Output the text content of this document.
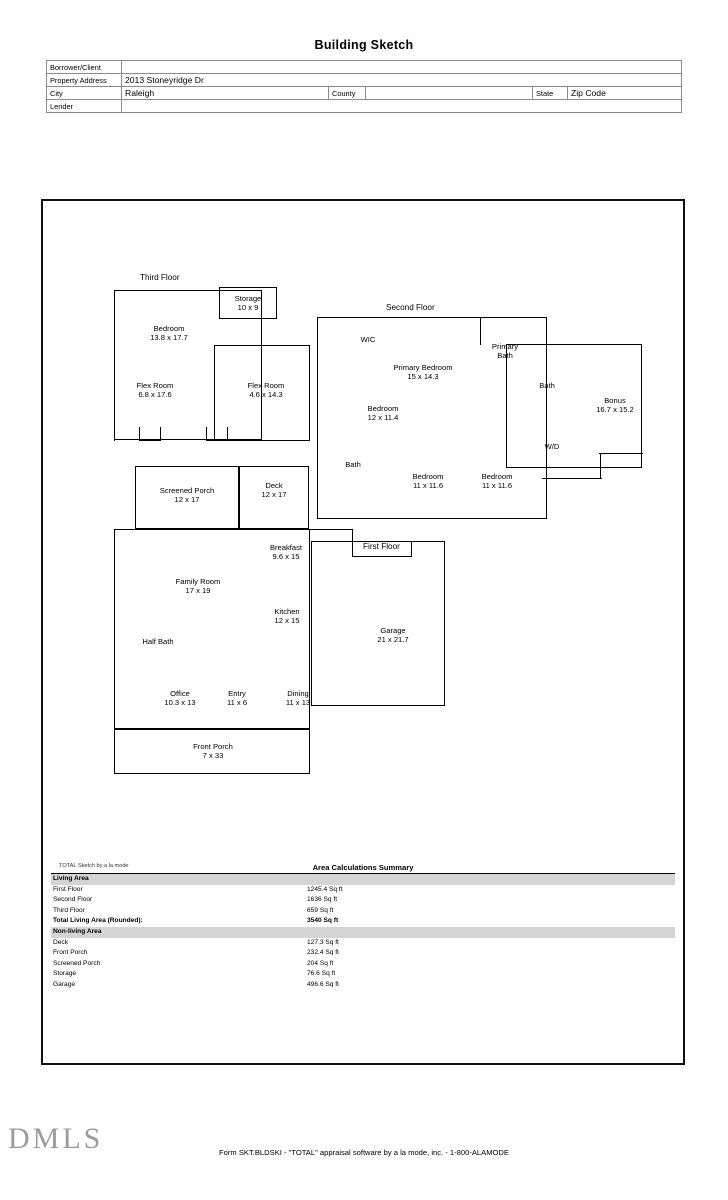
Building Sketch
Borrower/Client					
Property Address	2013 Stoneyridge Dr				
City	Raleigh	County		State	Zip Code
Lender					
Third Floor
Bedroom
13.8 x 17.7
Storage
10 x 9
Flex Room
6.8 x 17.6
Flex Room
4.6 x 14.3
Second Floor
WIC
Primary
Bath
Primary Bedroom
15 x 14.3
Bath
Bonus
16.7 x 15.2
Bedroom
12 x 11.4
W/D
Bath
Bedroom
11 x 11.6
Bedroom
11 x 11.6
Screened Porch
12 x 17
Deck
12 x 17
First Floor
Garage
21 x 21.7
Front Porch
7 x 33
Breakfast
9.6 x 15
Family Room
17 x 19
Kitchen
12 x 15
Half Bath
Office
10.3 x 13
Entry
11 x 6
Dining
11 x 13
TOTAL Sketch by a la mode	Area Calculations Summary
Living Area		
First Floor	1245.4 Sq ft	
Second Floor	1636 Sq ft	
Third Floor	659 Sq ft	
Total Living Area (Rounded):	3540 Sq ft	
Non-living Area		
Deck	127.3 Sq ft	
Front Porch	232.4 Sq ft	
Screened Porch	204 Sq ft	
Storage	76.6 Sq ft	
Garage	496.6 Sq ft	
DMLS	Form SKT.BLDSKI - "TOTAL" appraisal software by a la mode, inc. - 1-800-ALAMODE
